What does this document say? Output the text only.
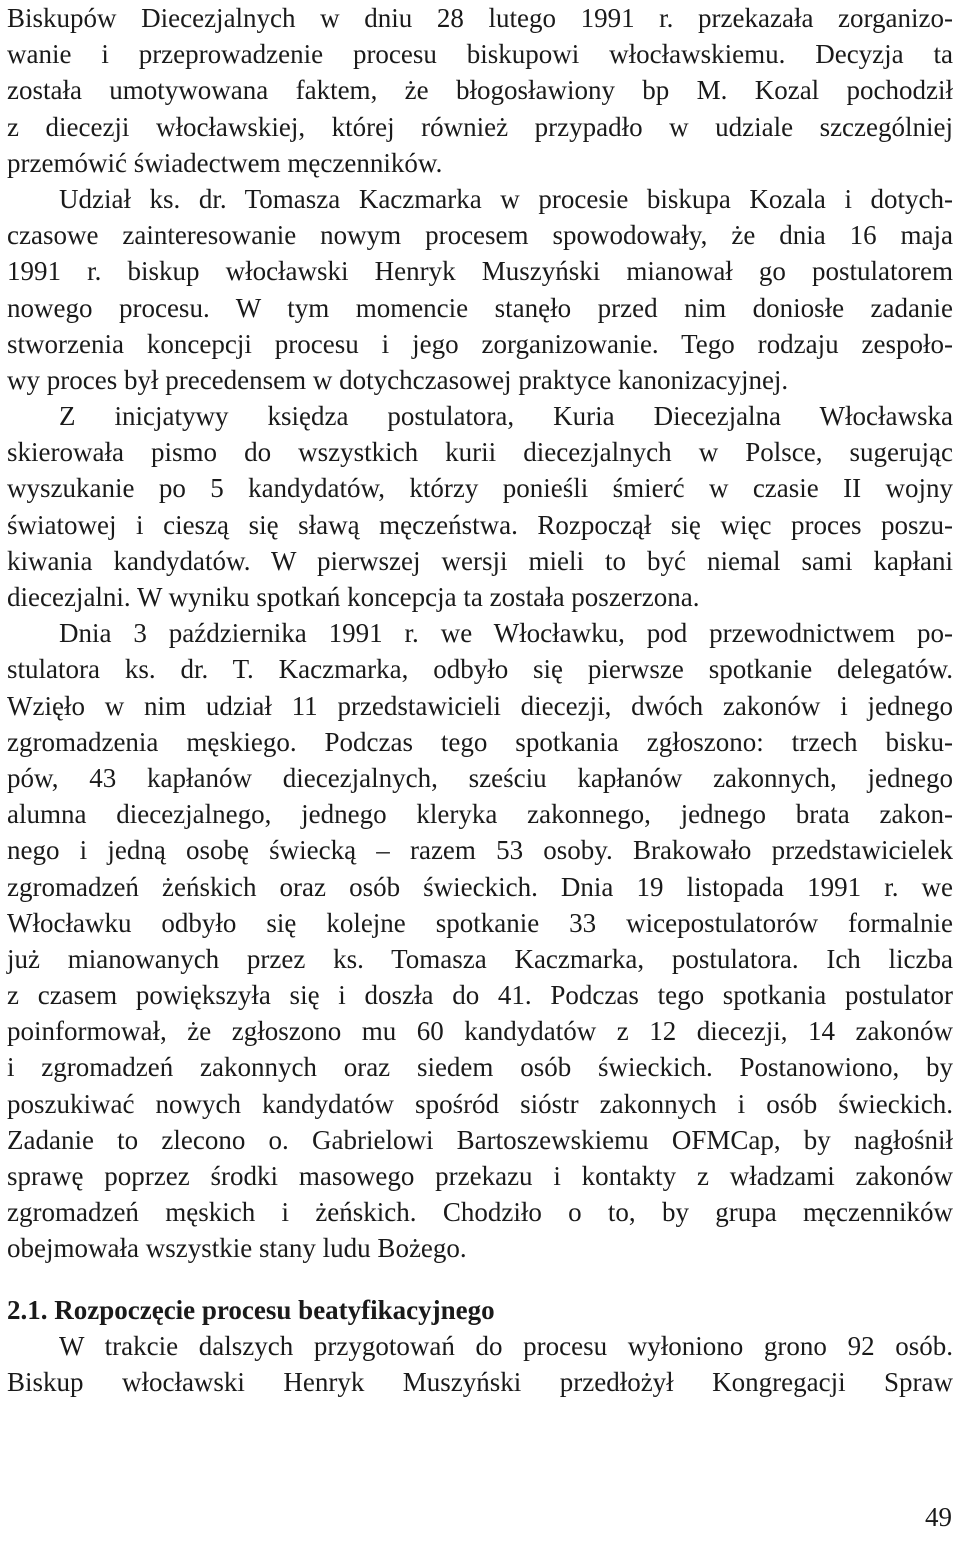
Biskupów Diecezjalnych w dniu 28 lutego 1991 r. przekazała zorganizo-
wanie i przeprowadzenie procesu biskupowi włocławskiemu. Decyzja ta
została umotywowana faktem, że błogosławiony bp M. Kozal pochodził
z diecezji włocławskiej, której również przypadło w udziale szczególniej
przemówić świadectwem męczenników.
Udział ks. dr. Tomasza Kaczmarka w procesie biskupa Kozala i dotych-
czasowe zainteresowanie nowym procesem spowodowały, że dnia 16 maja
1991 r. biskup włocławski Henryk Muszyński mianował go postulatorem
nowego procesu. W tym momencie stanęło przed nim doniosłe zadanie
stworzenia koncepcji procesu i jego zorganizowanie. Tego rodzaju zespoło-
wy proces był precedensem w dotychczasowej praktyce kanonizacyjnej.
Z inicjatywy księdza postulatora, Kuria Diecezjalna Włocławska
skierowała pismo do wszystkich kurii diecezjalnych w Polsce, sugerując
wyszukanie po 5 kandydatów, którzy ponieśli śmierć w czasie II wojny
światowej i cieszą się sławą męczeństwa. Rozpoczął się więc proces poszu-
kiwania kandydatów. W pierwszej wersji mieli to być niemal sami kapłani
diecezjalni. W wyniku spotkań koncepcja ta została poszerzona.
Dnia 3 października 1991 r. we Włocławku, pod przewodnictwem po-
stulatora ks. dr. T. Kaczmarka, odbyło się pierwsze spotkanie delegatów.
Wzięło w nim udział 11 przedstawicieli diecezji, dwóch zakonów i jednego
zgromadzenia męskiego. Podczas tego spotkania zgłoszono: trzech bisku-
pów, 43 kapłanów diecezjalnych, sześciu kapłanów zakonnych, jednego
alumna diecezjalnego, jednego kleryka zakonnego, jednego brata zakon-
nego i jedną osobę świecką – razem 53 osoby. Brakowało przedstawicielek
zgromadzeń żeńskich oraz osób świeckich. Dnia 19 listopada 1991 r. we
Włocławku odbyło się kolejne spotkanie 33 wicepostulatorów formalnie
już mianowanych przez ks. Tomasza Kaczmarka, postulatora. Ich liczba
z czasem powiększyła się i doszła do 41. Podczas tego spotkania postulator
poinformował, że zgłoszono mu 60 kandydatów z 12 diecezji, 14 zakonów
i zgromadzeń zakonnych oraz siedem osób świeckich. Postanowiono, by
poszukiwać nowych kandydatów spośród sióstr zakonnych i osób świeckich.
Zadanie to zlecono o. Gabrielowi Bartoszewskiemu OFMCap, by nagłośnił
sprawę poprzez środki masowego przekazu i kontakty z władzami zakonów
zgromadzeń męskich i żeńskich. Chodziło o to, by grupa męczenników
obejmowała wszystkie stany ludu Bożego.
2.1. Rozpoczęcie procesu beatyfikacyjnego
W trakcie dalszych przygotowań do procesu wyłoniono grono 92 osób.
Biskup włocławski Henryk Muszyński przedłożył Kongregacji Spraw
49
